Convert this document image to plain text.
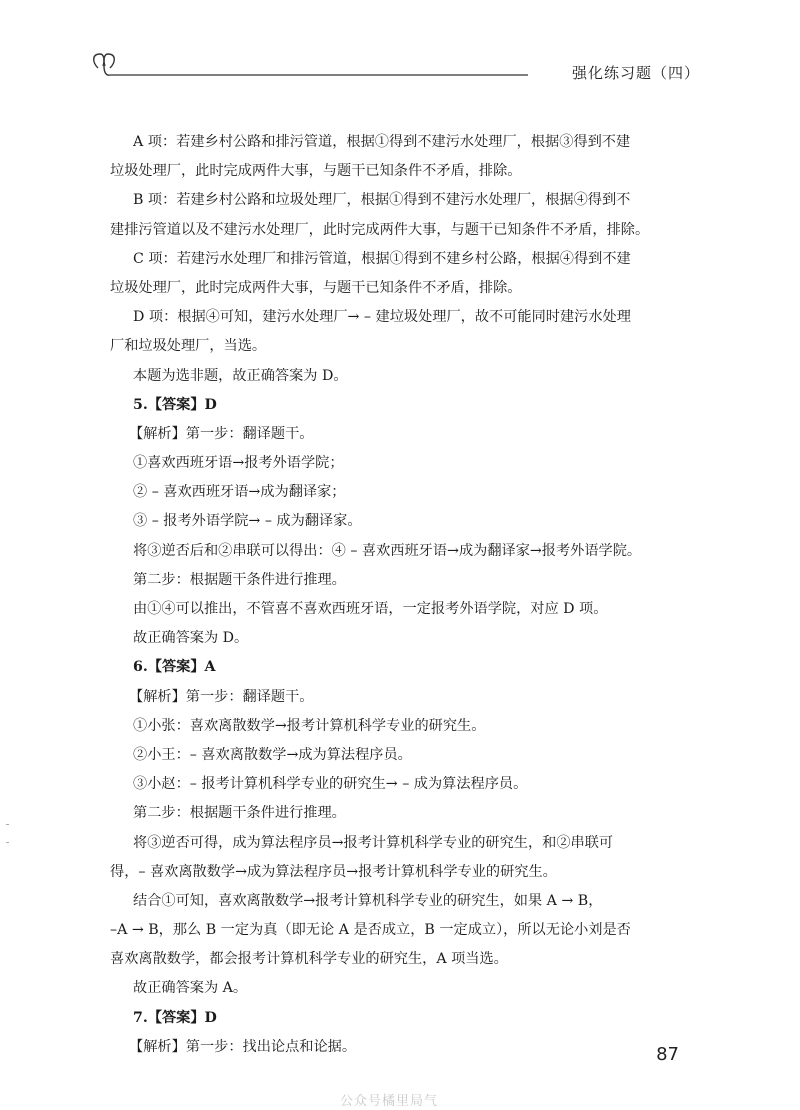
强化练习题（四）
A 项：若建乡村公路和排污管道，根据①得到不建污水处理厂，根据③得到不建
垃圾处理厂，此时完成两件大事，与题干已知条件不矛盾，排除。
B 项：若建乡村公路和垃圾处理厂，根据①得到不建污水处理厂，根据④得到不
建排污管道以及不建污水处理厂，此时完成两件大事，与题干已知条件不矛盾，排除。
C 项：若建污水处理厂和排污管道，根据①得到不建乡村公路，根据④得到不建
垃圾处理厂，此时完成两件大事，与题干已知条件不矛盾，排除。
D 项：根据④可知，建污水处理厂→ – 建垃圾处理厂，故不可能同时建污水处理
厂和垃圾处理厂，当选。
本题为选非题，故正确答案为 D。
5.【答案】D
【解析】第一步：翻译题干。
①喜欢西班牙语→报考外语学院；
② – 喜欢西班牙语→成为翻译家；
③ – 报考外语学院→ – 成为翻译家。
将③逆否后和②串联可以得出：④ – 喜欢西班牙语→成为翻译家→报考外语学院。
第二步：根据题干条件进行推理。
由①④可以推出，不管喜不喜欢西班牙语，一定报考外语学院，对应 D 项。
故正确答案为 D。
6.【答案】A
【解析】第一步：翻译题干。
①小张：喜欢离散数学→报考计算机科学专业的研究生。
②小王：– 喜欢离散数学→成为算法程序员。
③小赵：– 报考计算机科学专业的研究生→ – 成为算法程序员。
第二步：根据题干条件进行推理。
将③逆否可得，成为算法程序员→报考计算机科学专业的研究生，和②串联可
得，– 喜欢离散数学→成为算法程序员→报考计算机科学专业的研究生。
结合①可知，喜欢离散数学→报考计算机科学专业的研究生，如果 A → B，
–A → B，那么 B 一定为真（即无论 A 是否成立，B 一定成立），所以无论小刘是否
喜欢离散数学，都会报考计算机科学专业的研究生，A 项当选。
故正确答案为 A。
7.【答案】D
【解析】第一步：找出论点和论据。	87
公众号橘里局气
